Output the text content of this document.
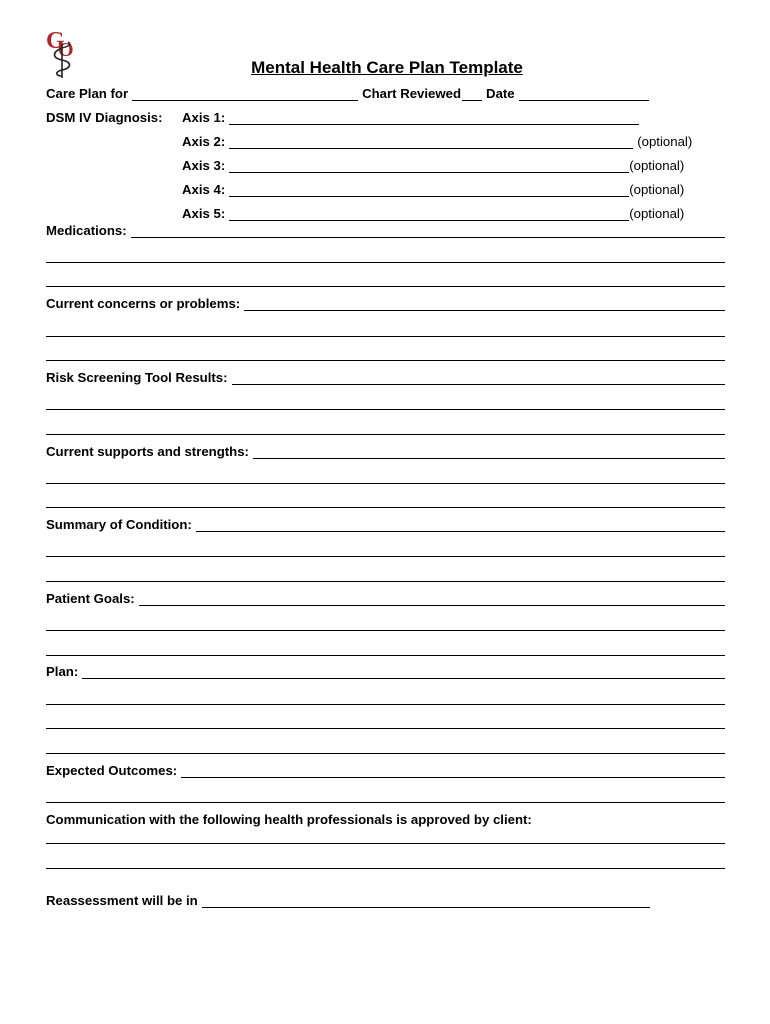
G
O
Mental Health Care Plan Template
Care Plan for	Chart Reviewed Date
DSM IV Diagnosis: Axis 1:
Axis 2:	(optional)
Axis 3:	(optional)
Axis 4:	(optional)
Axis 5:	(optional)
Medications:
Current concerns or problems:
Risk Screening Tool Results:
Current supports and strengths:
Summary of Condition:
Patient Goals:
Plan:
Expected Outcomes:
Communication with the following health professionals is approved by client:
Reassessment will be in
